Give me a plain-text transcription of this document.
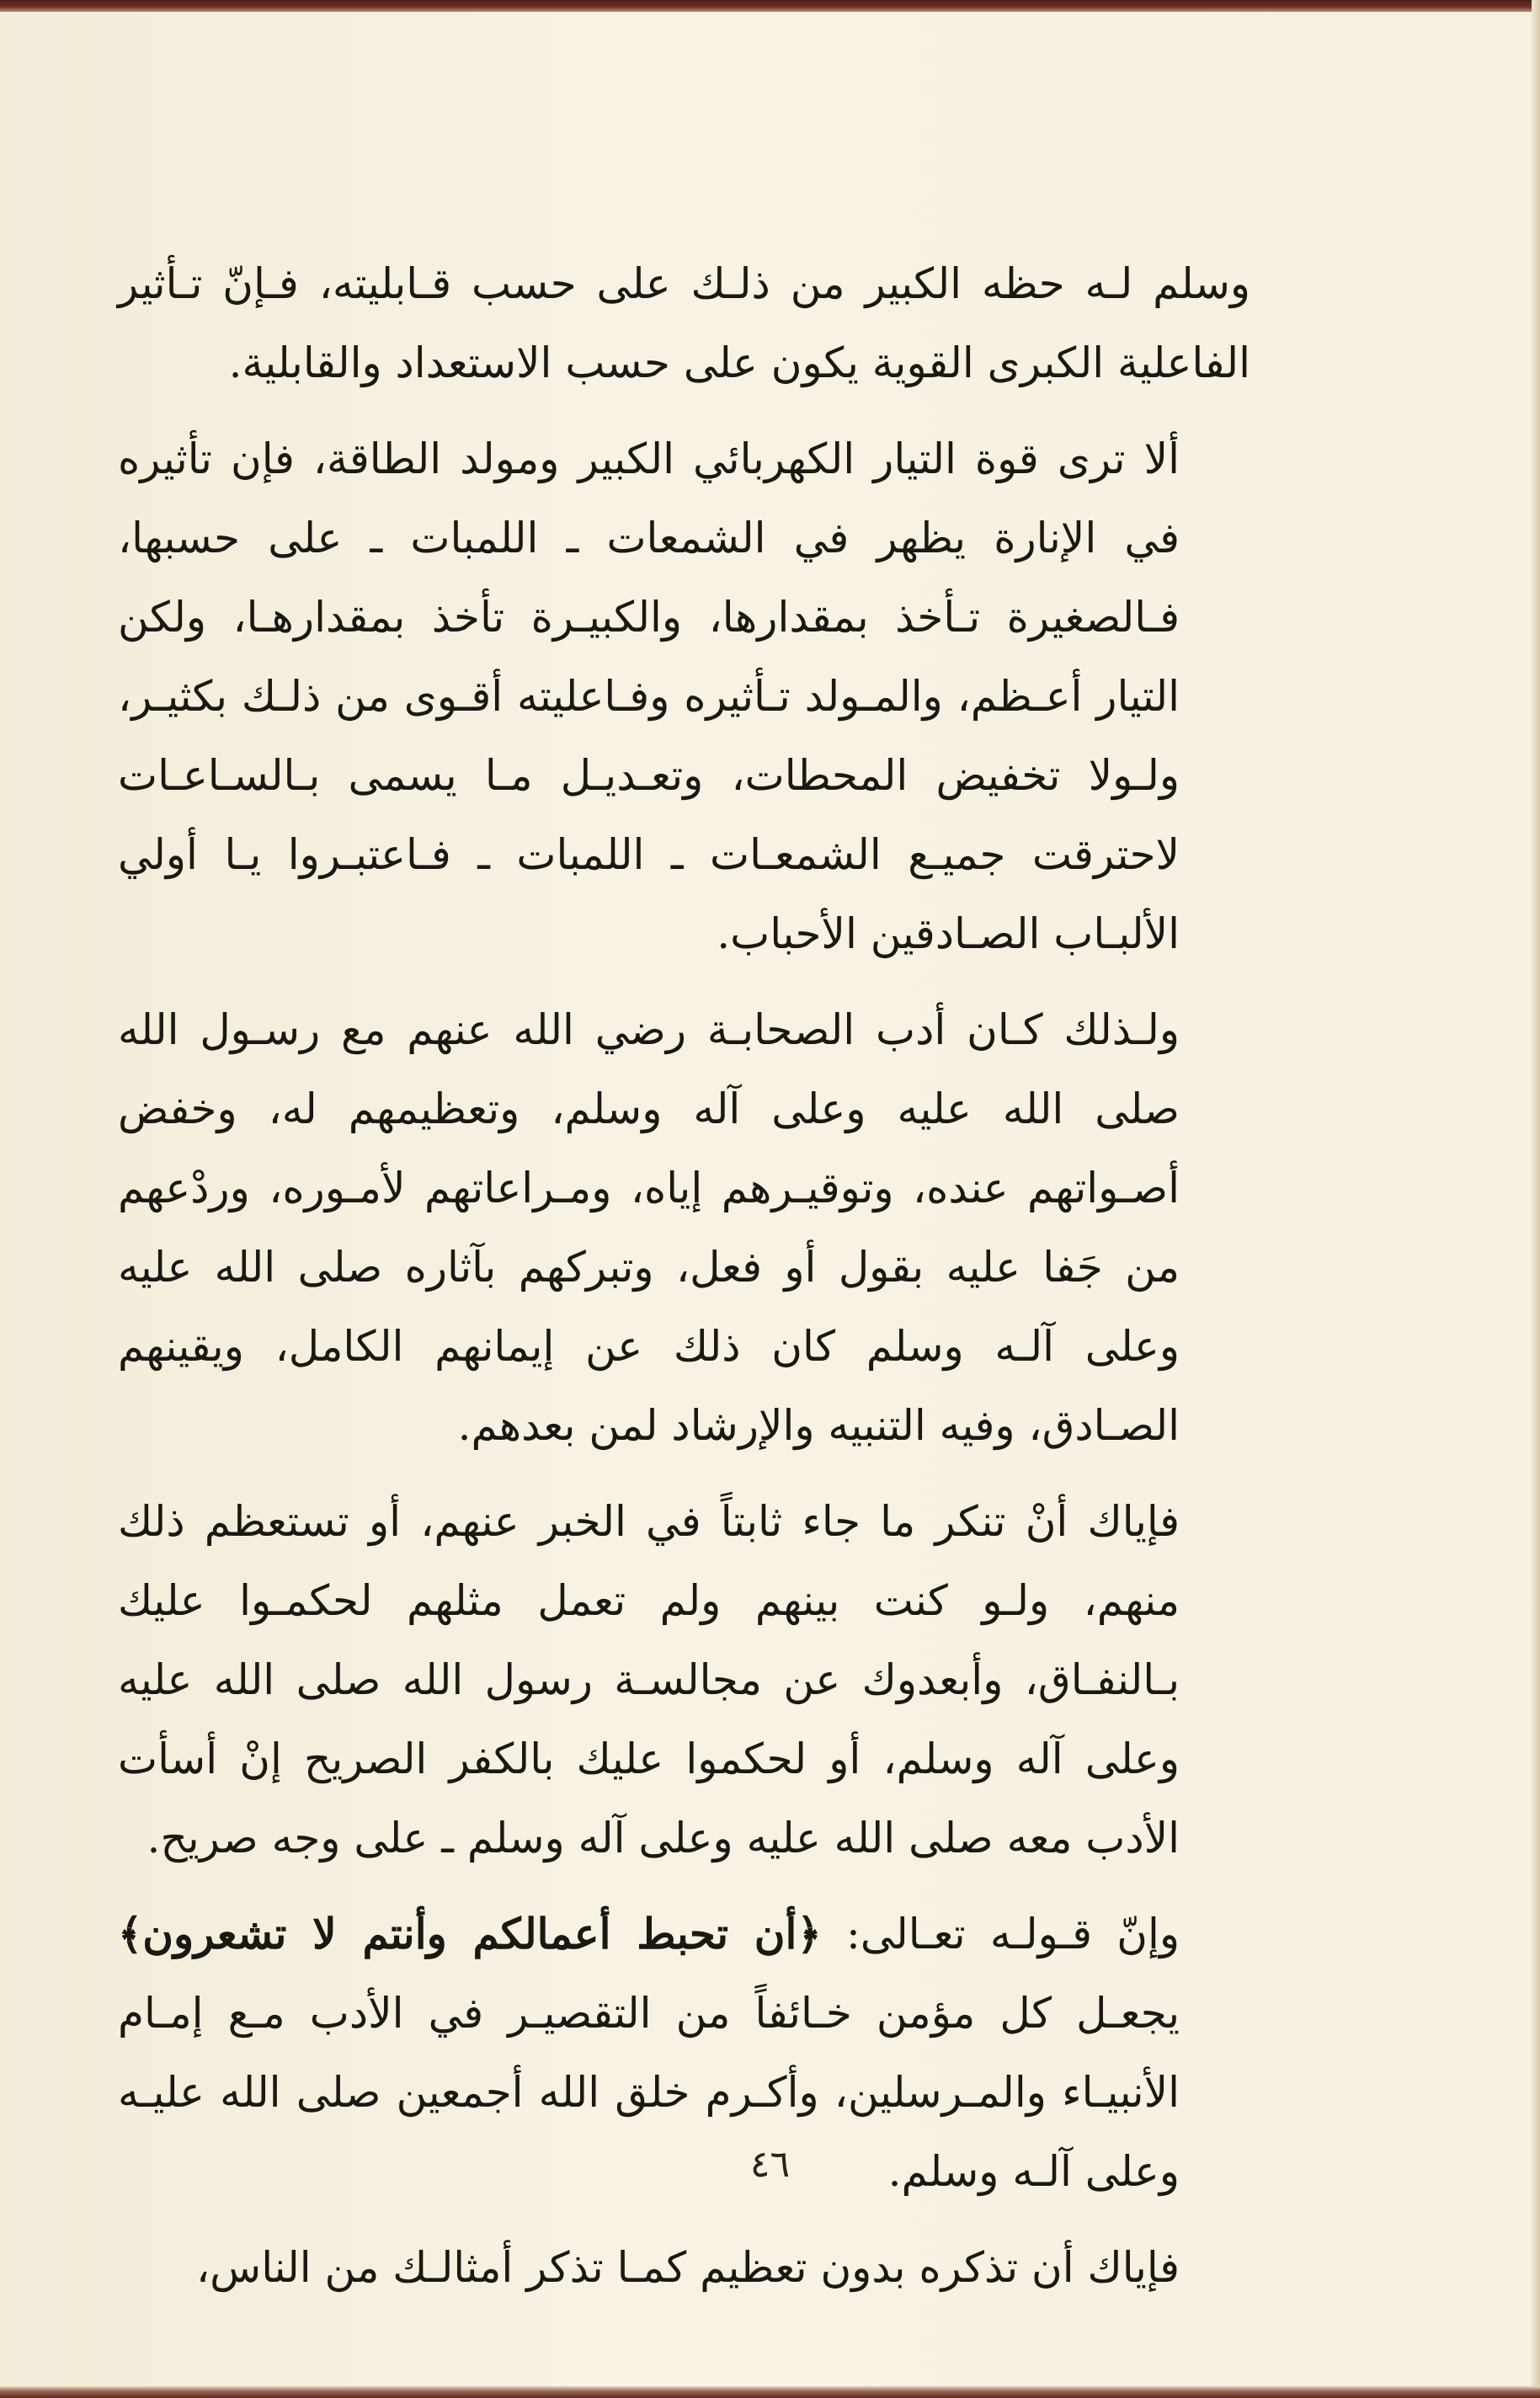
وسلم لـه حظه الكبير من ذلـك على حسب قـابليته، فـإنّ تـأثير الفاعلية الكبرى القوية يكون على حسب الاستعداد والقابلية.

ألا ترى قوة التيار الكهربائي الكبير ومولد الطاقة، فإن تأثيره في الإنارة يظهر في الشمعات ـ اللمبات ـ على حسبها، فـالصغيرة تـأخذ بمقدارها، والكبيـرة تأخذ بمقدارهـا، ولكن التيار أعـظم، والمـولد تـأثيره وفـاعليته أقـوى من ذلـك بكثيـر، ولـولا تخفيض المحطات، وتعـديـل مـا يسمى بـالسـاعـات لاحترقت جميـع الشمعـات ـ اللمبات ـ فـاعتبـروا يـا أولي الألبـاب الصـادقين الأحباب.

ولـذلك كـان أدب الصحابـة رضي الله عنهم مع رسـول الله صلى الله عليه وعلى آله وسلم، وتعظيمهم له، وخفض أصـواتهم عنده، وتوقيـرهم إياه، ومـراعاتهم لأمـوره، وردْعهم من جَفا عليه بقول أو فعل، وتبركهم بآثاره صلى الله عليه وعلى آلـه وسلم كان ذلك عن إيمانهم الكامل، ويقينهم الصـادق، وفيه التنبيه والإرشاد لمن بعدهم.

فإياك أنْ تنكر ما جاء ثابتاً في الخبر عنهم، أو تستعظم ذلك منهم، ولـو كنت بينهم ولم تعمل مثلهم لحكمـوا عليك بـالنفـاق، وأبعدوك عن مجالسـة رسول الله صلى الله عليه وعلى آله وسلم، أو لحكموا عليك بالكفر الصريح إنْ أسأت الأدب معه صلى الله عليه وعلى آله وسلم ـ على وجه صريح.

وإنّ قـولـه تعـالى: ﴿أن تحبط أعمالكم وأنتم لا تشعرون﴾ يجعـل كل مؤمن خـائفاً من التقصيـر في الأدب مـع إمـام الأنبيـاء والمـرسلين، وأكـرم خلق الله أجمعين صلى الله عليـه وعلى آلـه وسلم.

فإياك أن تذكره بدون تعظيم كمـا تذكر أمثالـك من الناس،

٤٦
